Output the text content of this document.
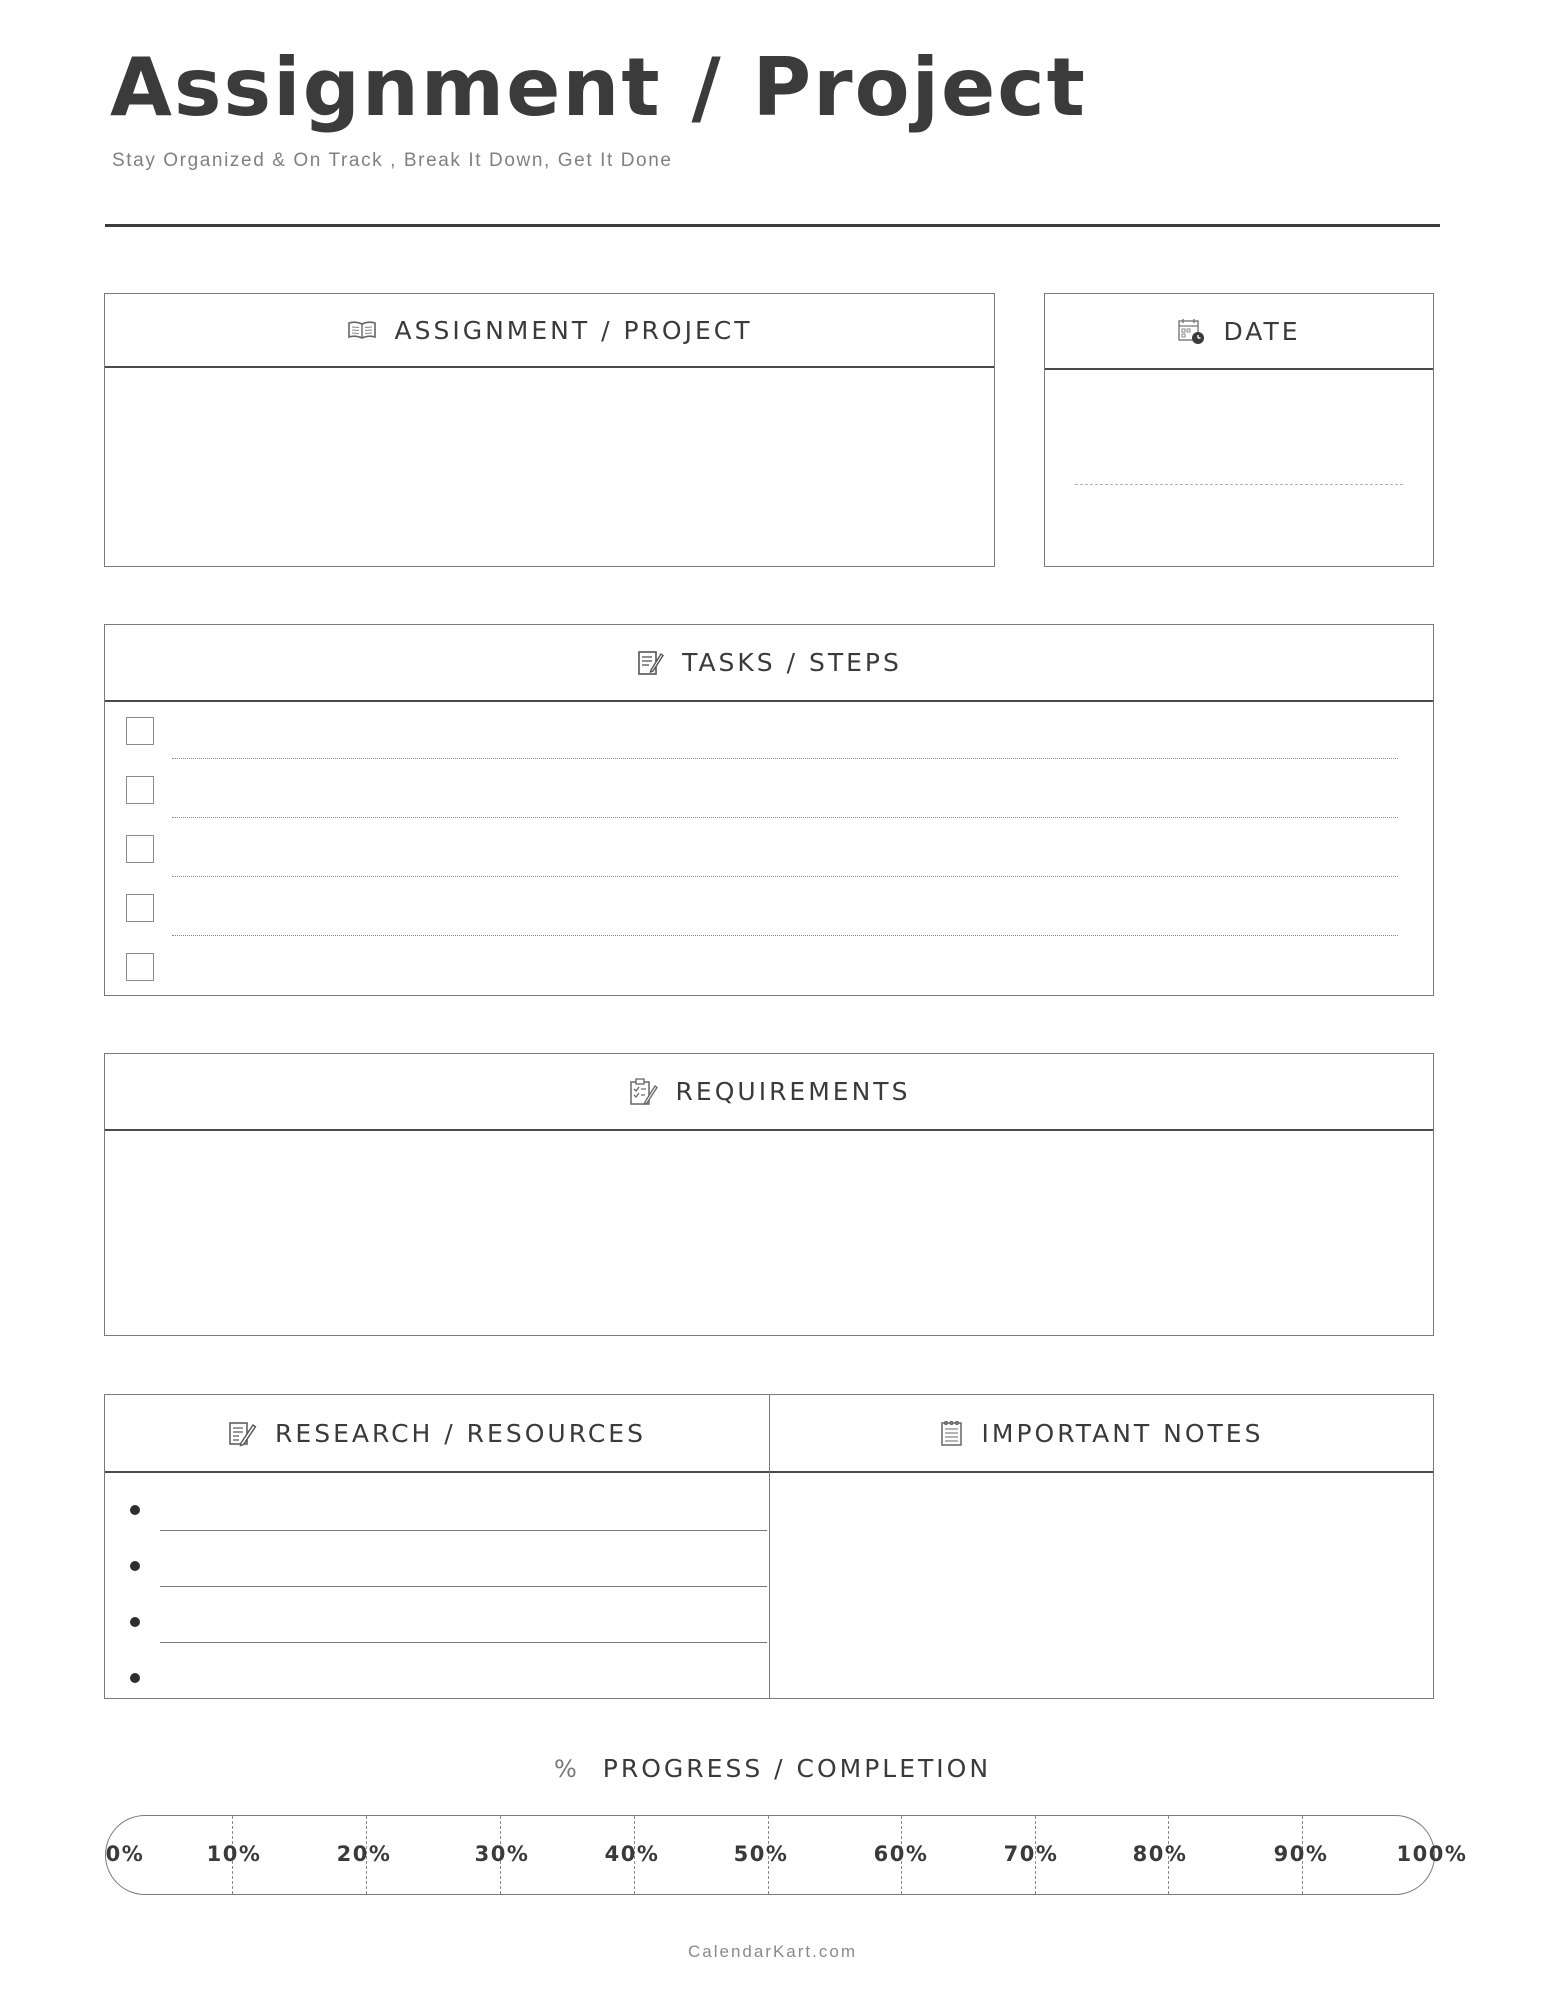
Assignment / Project
Stay Organized & On Track , Break It Down, Get It Done
ASSIGNMENT / PROJECT	DATE
TASKS / STEPS
REQUIREMENTS
RESEARCH / RESOURCES	IMPORTANT NOTES
% PROGRESS / COMPLETION
0%	10%	20%	30%	40%	50%	60%	70%	80%	90%	100%
CalendarKart.com
